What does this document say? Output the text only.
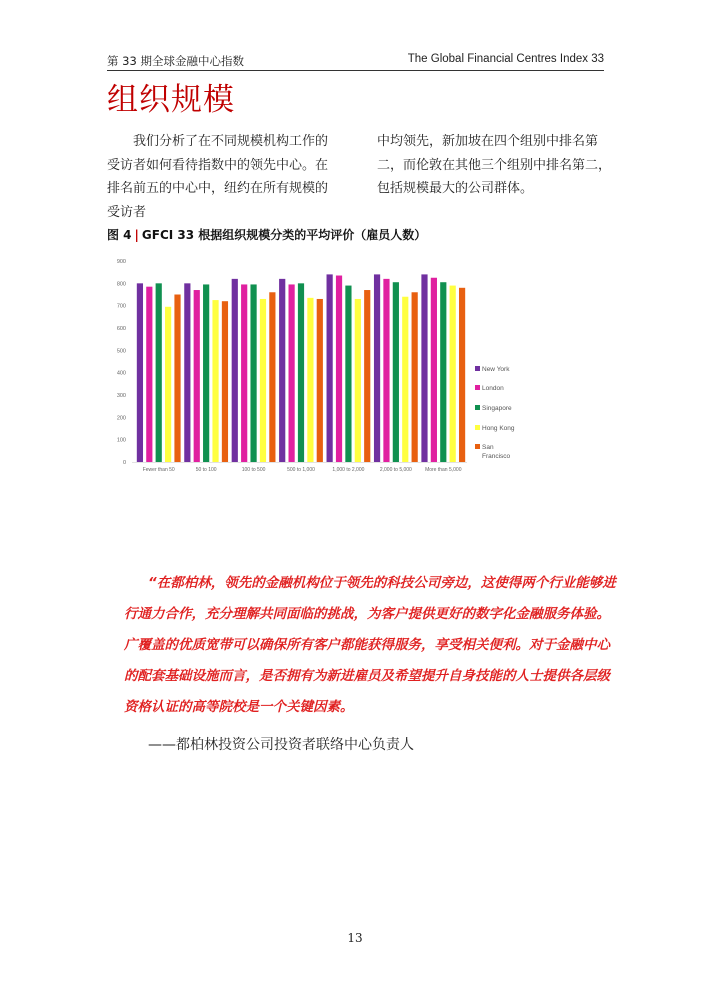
第 33 期全球金融中心指数	The Global Financial Centres Index 33
组织规模

我们分析了在不同规模机构工作的受访者如何看待指数中的领先中心。在排名前五的中心中，纽约在所有规模的受访者

中均领先，新加坡在四个组别中排名第二，而伦敦在其他三个组别中排名第二，包括规模最大的公司群体。

图 4 | GFCI 33 根据组织规模分类的平均评价（雇员人数）
0
100
200
300
400
500
600
700
800
900
Fewer than 50	50 to 100	100 to 500	500 to 1,000	1,000 to 2,000	2,000 to 5,000	More than 5,000
New York
London
Singapore
Hong Kong
San Francisco

“在都柏林，领先的金融机构位于领先的科技公司旁边，这使得两个行业能够进行通力合作，充分理解共同面临的挑战，为客户提供更好的数字化金融服务体验。广覆盖的优质宽带可以确保所有客户都能获得服务，享受相关便利。对于金融中心的配套基础设施而言，是否拥有为新进雇员及希望提升自身技能的人士提供各层级资格认证的高等院校是一个关键因素。

——都柏林投资公司投资者联络中心负责人
13
